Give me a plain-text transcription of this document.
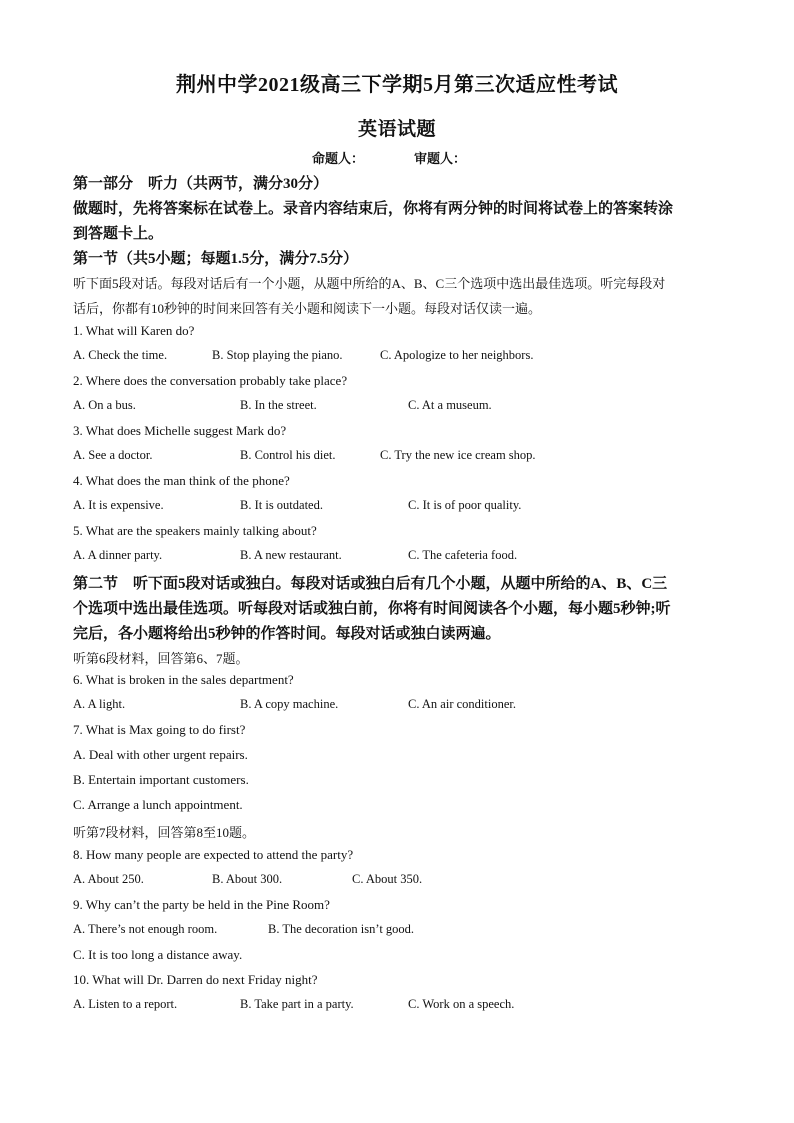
荆州中学2021级高三下学期5月第三次适应性考试
英语试题
命题人：	审题人：
第一部分　听力（共两节，满分30分）
做题时，先将答案标在试卷上。录音内容结束后，你将有两分钟的时间将试卷上的答案转涂
到答题卡上。
第一节（共5小题；每题1.5分，满分7.5分）
听下面5段对话。每段对话后有一个小题，从题中所给的A、B、C三个选项中选出最佳选项。听完每段对
话后，你都有10秒钟的时间来回答有关小题和阅读下一小题。每段对话仅读一遍。
1. What will Karen do?
A. Check the time.	B. Stop playing the piano.	C. Apologize to her neighbors.
2. Where does the conversation probably take place?
A. On a bus.	B. In the street.	C. At a museum.
3. What does Michelle suggest Mark do?
A. See a doctor.	B. Control his diet.	C. Try the new ice cream shop.
4. What does the man think of the phone?
A. It is expensive.	B. It is outdated.	C. It is of poor quality.
5. What are the speakers mainly talking about?
A. A dinner party.	B. A new restaurant.	C. The cafeteria food.
第二节　听下面5段对话或独白。每段对话或独白后有几个小题，从题中所给的A、B、C三
个选项中选出最佳选项。听每段对话或独白前，你将有时间阅读各个小题，每小题5秒钟;听
完后，各小题将给出5秒钟的作答时间。每段对话或独白读两遍。
听第6段材料，回答第6、7题。
6. What is broken in the sales department?
A. A light.	B. A copy machine.	C. An air conditioner.
7. What is Max going to do first?
A. Deal with other urgent repairs.
B. Entertain important customers.
C. Arrange a lunch appointment.
听第7段材料，回答第8至10题。
8. How many people are expected to attend the party?
A. About 250.	B. About 300.	C. About 350.
9. Why can’t the party be held in the Pine Room?
A. There’s not enough room.	B. The decoration isn’t good.
C. It is too long a distance away.
10. What will Dr. Darren do next Friday night?
A. Listen to a report.	B. Take part in a party.	C. Work on a speech.
